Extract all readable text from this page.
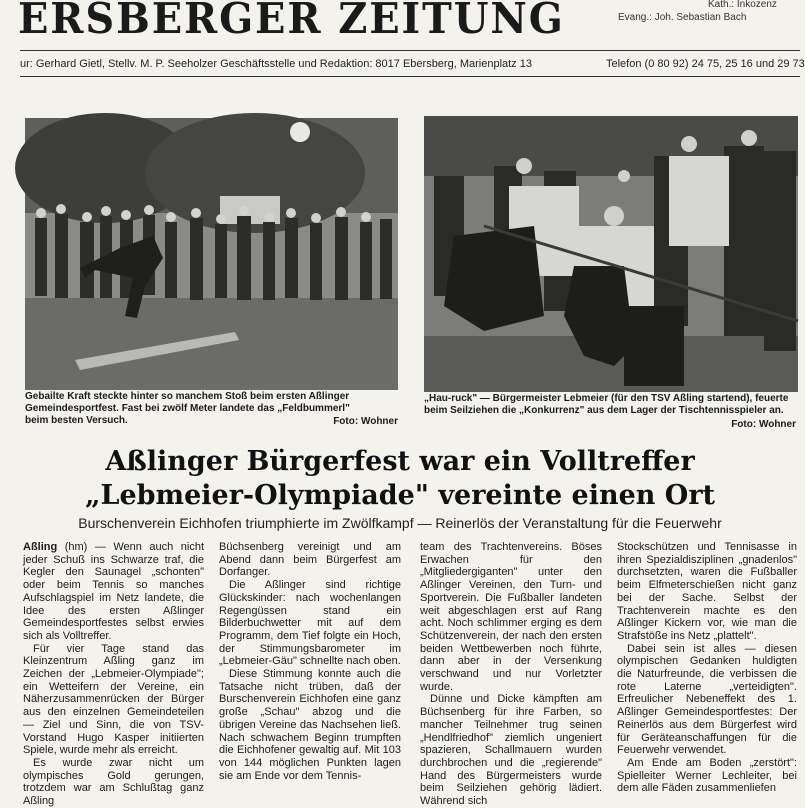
ERSBERGER ZEITUNG	Kath.: Inkozenz
Evang.: Joh. Sebastian Bach
ur: Gerhard Gietl, Stellv. M. P. Seeholzer Geschäftsstelle und Redaktion: 8017 Ebersberg, Marienplatz 13	Telefon (0 80 92) 24 75, 25 16 und 29 73
Gebailte Kraft steckte hinter so manchem Stoß beim ersten Aßlinger Gemeindesportfest. Fast bei zwölf Meter landete das „Feldbummerl" beim besten Versuch.	Foto: Wohner
„Hau-ruck" — Bürgermeister Lebmeier (für den TSV Aßling startend), feuerte beim Seilziehen die „Konkurrenz" aus dem Lager der Tischtennisspieler an.
Foto: Wohner
Aßlinger Bürgerfest war ein Volltreffer
„Lebmeier-Olympiade" vereinte einen Ort
Burschenverein Eichhofen triumphierte im Zwölfkampf — Reinerlös der Veranstaltung für die Feuerwehr

Aßling (hm) — Wenn auch nicht jeder Schuß ins Schwarze traf, die Kegler den Saunagel „schonten" oder beim Tennis so manches Aufschlagspiel im Netz landete, die Idee des ersten Aßlinger Gemeindesportfestes selbst erwies sich als Volltreffer.

Für vier Tage stand das Kleinzentrum Aßling ganz im Zeichen der „Lebmeier-Olympiade"; ein Wetteifern der Vereine, ein Näherzusammenrücken der Bürger aus den einzelnen Gemeindeteilen — Ziel und Sinn, die von TSV-Vorstand Hugo Kasper initiierten Spiele, wurde mehr als erreicht.

Es wurde zwar nicht um olympisches Gold gerungen, trotzdem war am Schlußtag ganz Aßling

Büchsenberg vereinigt und am Abend dann beim Bürgerfest am Dorfanger.

Die Aßlinger sind richtige Glückskinder: nach wochenlangen Regengüssen stand ein Bilderbuchwetter mit auf dem Programm, dem Tief folgte ein Hoch, der Stimmungsbarometer im „Lebmeier-Gäu" schnellte nach oben.

Diese Stimmung konnte auch die Tatsache nicht trüben, daß der Burschenverein Eichhofen eine ganz große „Schau" abzog und die übrigen Vereine das Nachsehen ließ. Nach schwachem Beginn trumpften die Eichhofener gewaltig auf. Mit 103 von 144 möglichen Punkten lagen sie am Ende vor dem Tennis-

team des Trachtenvereins. Böses Erwachen für den „Mitgliedergiganten" unter den Aßlinger Vereinen, den Turn- und Sportverein. Die Fußballer landeten weit abgeschlagen erst auf Rang acht. Noch schlimmer erging es dem Schützenverein, der nach den ersten beiden Wettbewerben noch führte, dann aber in der Versenkung verschwand und nur Vorletzter wurde.

Dünne und Dicke kämpften am Büchsenberg für ihre Farben, so mancher Teilnehmer trug seinen „Hendlfriedhof" ziemlich ungeniert spazieren, Schallmauern wurden durchbrochen und die „regierende" Hand des Bürgermeisters wurde beim Seilziehen gehörig lädiert. Während sich

Stockschützen und Tennisasse in ihren Spezialdisziplinen „gnadenlos" durchsetzten, waren die Fußballer beim Elfmeterschießen nicht ganz bei der Sache. Selbst der Trachtenverein machte es den Aßlinger Kickern vor, wie man die Strafstöße ins Netz „plattelt".

Dabei sein ist alles — diesen olympischen Gedanken huldigten die Naturfreunde, die verbissen die rote Laterne „verteidigten". Erfreulicher Nebeneffekt des 1. Aßlinger Gemeindesportfestes: Der Reinerlös aus dem Bürgerfest wird für Geräteanschaffungen für die Feuerwehr verwendet.

Am Ende am Boden „zerstört": Spielleiter Werner Lechleiter, bei dem alle Fäden zusammenliefen
